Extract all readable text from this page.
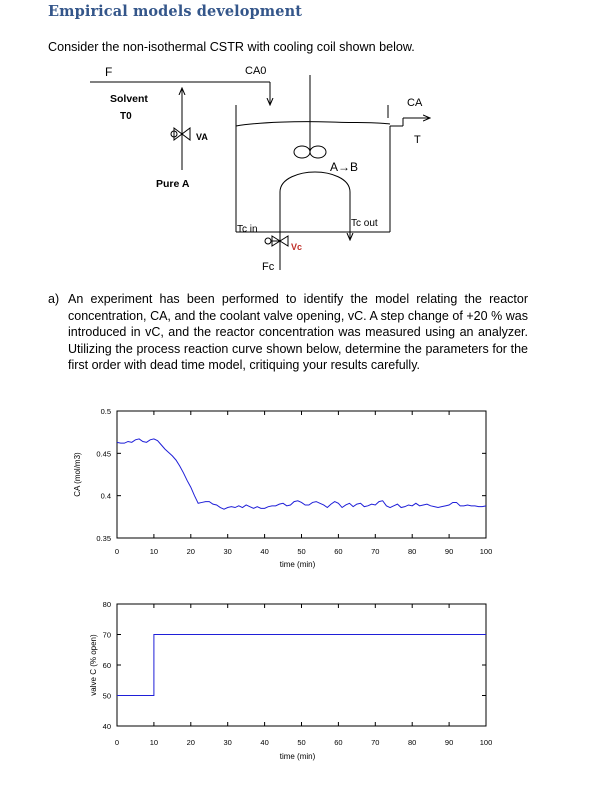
Empirical models development
Consider the non-isothermal CSTR with cooling coil shown below.
F	CA0
Solvent
T0
VA
Pure A
A→B
CA
T
Tc in
Tc out
Vc
Fc
a) An experiment has been performed to identify the model relating the reactor concentration, CA, and the coolant valve opening, vC. A step change of +20 % was introduced in vC, and the reactor concentration was measured using an analyzer. Utilizing the process reaction curve shown below, determine the parameters for the first order with dead time model, critiquing your results carefully.
0	10	20	30	40	50	60	70	80	90	100
0.35
0.4
0.45
0.5
time (min)
CA (mol/m3)
0	10	20	30	40	50	60	70	80	90	100
40
50
60
70
80
time (min)
valve C (% open)
